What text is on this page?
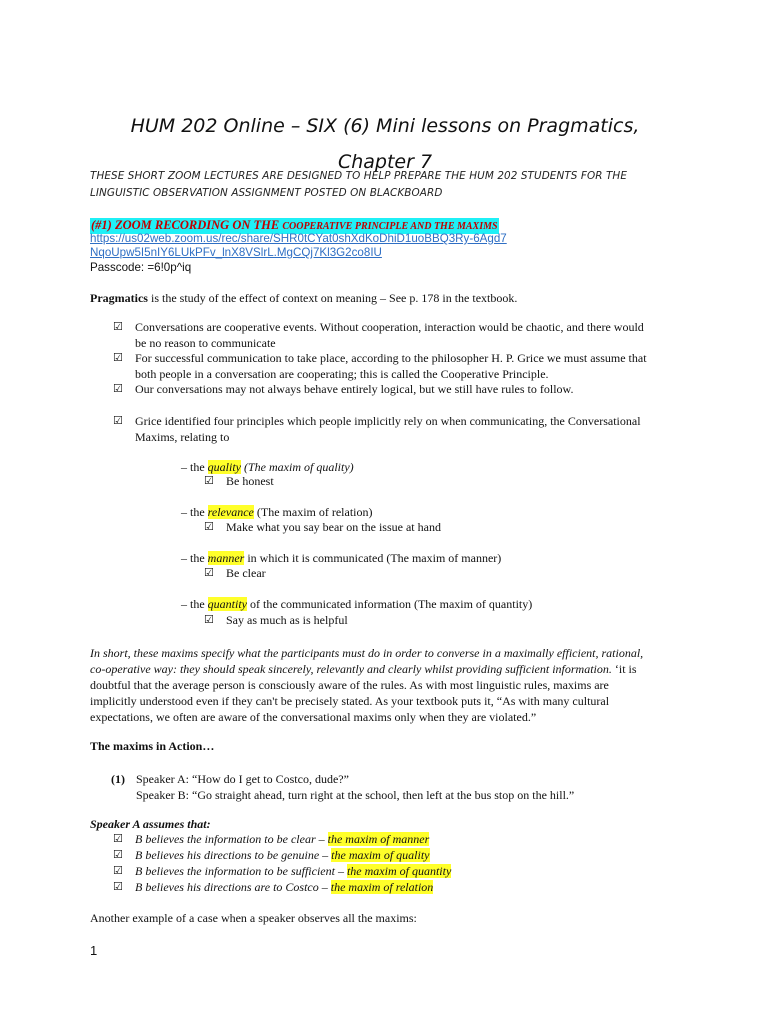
HUM 202 Online – SIX (6) Mini lessons on Pragmatics,
Chapter 7
THESE SHORT ZOOM LECTURES ARE DESIGNED TO HELP PREPARE THE HUM 202 STUDENTS FOR THE LINGUISTIC OBSERVATION ASSIGNMENT POSTED ON BLACKBOARD
(#1) ZOOM RECORDING ON THE COOPERATIVE PRINCIPLE AND THE MAXIMS
https://us02web.zoom.us/rec/share/SHR0tCYat0shXdKoDhiD1uoBBQ3Ry-6Agd7NqoUpw5I5nIY6LUkPFv_lnX8VSlrL.MgCQj7Kl3G2co8IU
Passcode: =6!0p^iq
Pragmatics is the study of the effect of context on meaning – See p. 178 in the textbook.
☑ Conversations are cooperative events. Without cooperation, interaction would be chaotic, and there would
be no reason to communicate
☑ For successful communication to take place, according to the philosopher H. P. Grice we must assume that
both people in a conversation are cooperating; this is called the Cooperative Principle.
☑ Our conversations may not always behave entirely logical, but we still have rules to follow.
☑ Grice identified four principles which people implicitly rely on when communicating, the Conversational
Maxims, relating to
– the quality (The maxim of quality)
☑ Be honest
– the relevance (The maxim of relation)
☑ Make what you say bear on the issue at hand
– the manner in which it is communicated (The maxim of manner)
☑ Be clear
– the quantity of the communicated information (The maxim of quantity)
☑ Say as much as is helpful
In short, these maxims specify what the participants must do in order to converse in a maximally efficient, rational,
co-operative way: they should speak sincerely, relevantly and clearly whilst providing sufficient information. ‘it is
doubtful that the average person is consciously aware of the rules. As with most linguistic rules, maxims are
implicitly understood even if they can't be precisely stated. As your textbook puts it, “As with many cultural
expectations, we often are aware of the conversational maxims only when they are violated.”
The maxims in Action…
(1) Speaker A: “How do I get to Costco, dude?”
Speaker B: “Go straight ahead, turn right at the school, then left at the bus stop on the hill.”
Speaker A assumes that:
☑ B believes the information to be clear – the maxim of manner
☑ B believes his directions to be genuine – the maxim of quality
☑ B believes the information to be sufficient – the maxim of quantity
☑ B believes his directions are to Costco – the maxim of relation
Another example of a case when a speaker observes all the maxims:
1
